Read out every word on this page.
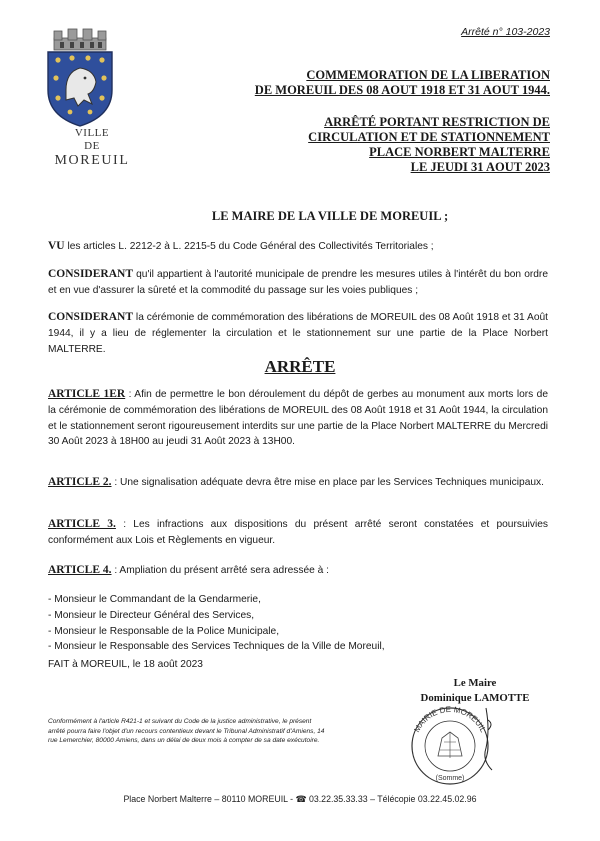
VILLE
DE
MOREUIL
Arrêté n° 103-2023
COMMEMORATION DE LA LIBERATION
DE MOREUIL DES 08 AOUT 1918 ET 31 AOUT 1944.
ARRÊTÉ PORTANT RESTRICTION DE
CIRCULATION ET DE STATIONNEMENT
PLACE NORBERT MALTERRE
LE JEUDI 31 AOUT 2023
LE MAIRE DE LA VILLE DE MOREUIL ;
VU les articles L. 2212-2 à L. 2215-5 du Code Général des Collectivités Territoriales ;
CONSIDERANT qu'il appartient à l'autorité municipale de prendre les mesures utiles à l'intérêt du bon ordre et en vue d'assurer la sûreté et la commodité du passage sur les voies publiques ;
CONSIDERANT la cérémonie de commémoration des libérations de MOREUIL des 08 Août 1918 et 31 Août 1944, il y a lieu de réglementer la circulation et le stationnement sur une partie de la Place Norbert MALTERRE.
ARRÊTE
ARTICLE 1ER : Afin de permettre le bon déroulement du dépôt de gerbes au monument aux morts lors de la cérémonie de commémoration des libérations de MOREUIL des 08 Août 1918 et 31 Août 1944, la circulation et le stationnement seront rigoureusement interdits sur une partie de la Place Norbert MALTERRE du Mercredi 30 Août 2023 à 18H00 au jeudi 31 Août 2023 à 13H00.
ARTICLE 2. : Une signalisation adéquate devra être mise en place par les Services Techniques municipaux.
ARTICLE 3. : Les infractions aux dispositions du présent arrêté seront constatées et poursuivies conformément aux Lois et Règlements en vigueur.
ARTICLE 4. : Ampliation du présent arrêté sera adressée à :
- Monsieur le Commandant de la Gendarmerie,
- Monsieur le Directeur Général des Services,
- Monsieur le Responsable de la Police Municipale,
- Monsieur le Responsable des Services Techniques de la Ville de Moreuil,
FAIT à MOREUIL, le 18 août 2023
Le Maire
Dominique LAMOTTE
MAIRIE DE MOREUIL
(Somme)
Conformément à l'article R421-1 et suivant du Code de la justice administrative, le présent arrêté pourra faire l'objet d'un recours contentieux devant le Tribunal Administratif d'Amiens, 14 rue Lemerchier, 80000 Amiens, dans un délai de deux mois à compter de sa date exécutoire.
Place Norbert Malterre – 80110 MOREUIL - ☎ 03.22.35.33.33 – Télécopie 03.22.45.02.96
